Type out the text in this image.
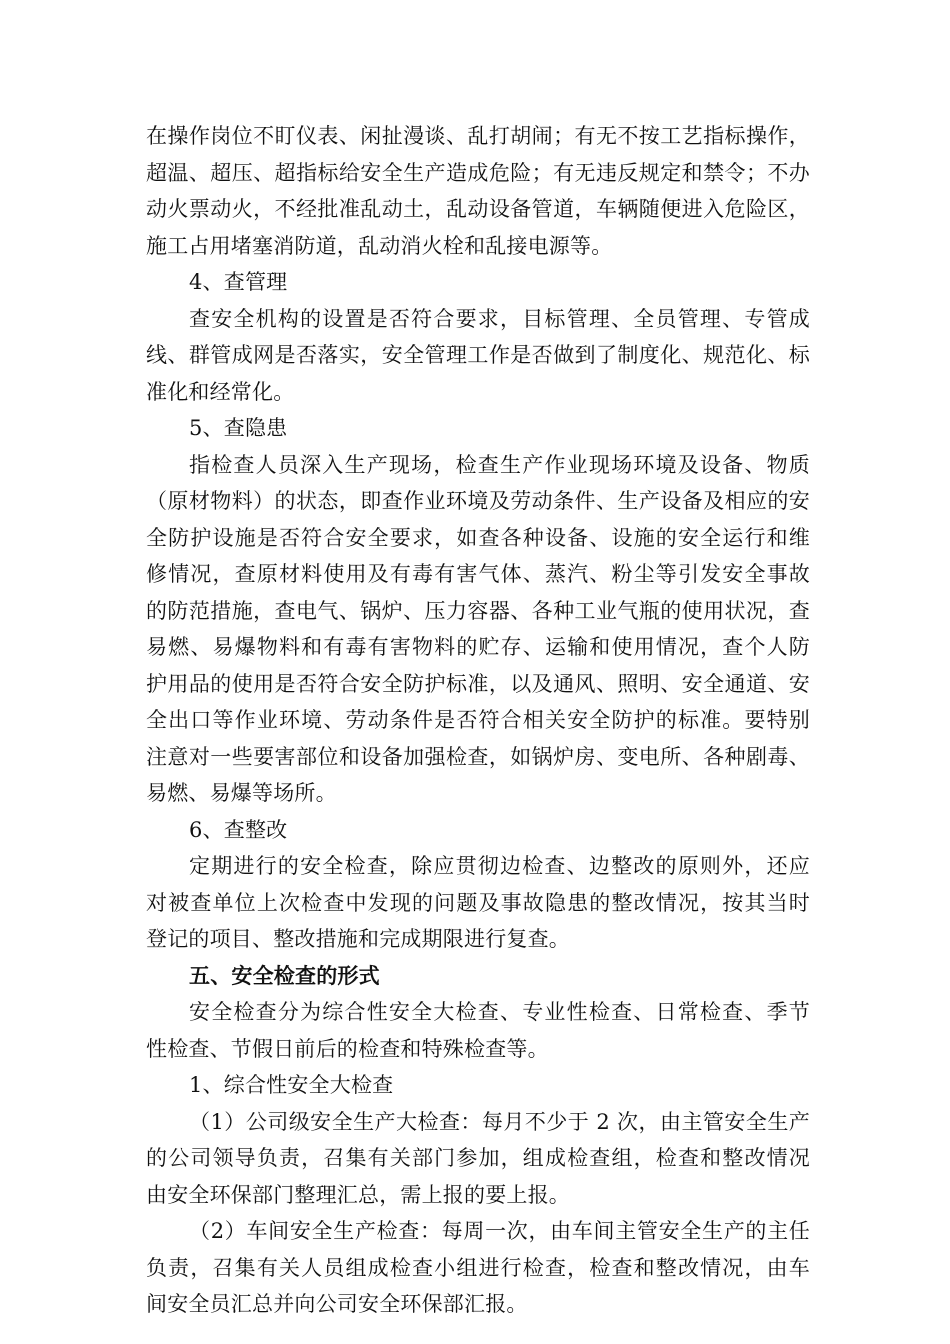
在操作岗位不盯仪表、闲扯漫谈、乱打胡闹；有无不按工艺指标操作，
超温、超压、超指标给安全生产造成危险；有无违反规定和禁令；不办
动火票动火，不经批准乱动土，乱动设备管道，车辆随便进入危险区，
施工占用堵塞消防道，乱动消火栓和乱接电源等。
4、查管理
查安全机构的设置是否符合要求，目标管理、全员管理、专管成
线、群管成网是否落实，安全管理工作是否做到了制度化、规范化、标
准化和经常化。
5、查隐患
指检查人员深入生产现场，检查生产作业现场环境及设备、物质
（原材物料）的状态，即查作业环境及劳动条件、生产设备及相应的安
全防护设施是否符合安全要求，如查各种设备、设施的安全运行和维
修情况，查原材料使用及有毒有害气体、蒸汽、粉尘等引发安全事故
的防范措施，查电气、锅炉、压力容器、各种工业气瓶的使用状况，查
易燃、易爆物料和有毒有害物料的贮存、运输和使用情况，查个人防
护用品的使用是否符合安全防护标准，以及通风、照明、安全通道、安
全出口等作业环境、劳动条件是否符合相关安全防护的标准。要特别
注意对一些要害部位和设备加强检查，如锅炉房、变电所、各种剧毒、
易燃、易爆等场所。
6、查整改
定期进行的安全检查，除应贯彻边检查、边整改的原则外，还应
对被查单位上次检查中发现的问题及事故隐患的整改情况，按其当时
登记的项目、整改措施和完成期限进行复查。
五、安全检查的形式
安全检查分为综合性安全大检查、专业性检查、日常检查、季节
性检查、节假日前后的检查和特殊检查等。
1、综合性安全大检查
（1）公司级安全生产大检查：每月不少于 2 次，由主管安全生产
的公司领导负责，召集有关部门参加，组成检查组，检查和整改情况
由安全环保部门整理汇总，需上报的要上报。
（2）车间安全生产检查：每周一次，由车间主管安全生产的主任
负责，召集有关人员组成检查小组进行检查，检查和整改情况，由车
间安全员汇总并向公司安全环保部汇报。
